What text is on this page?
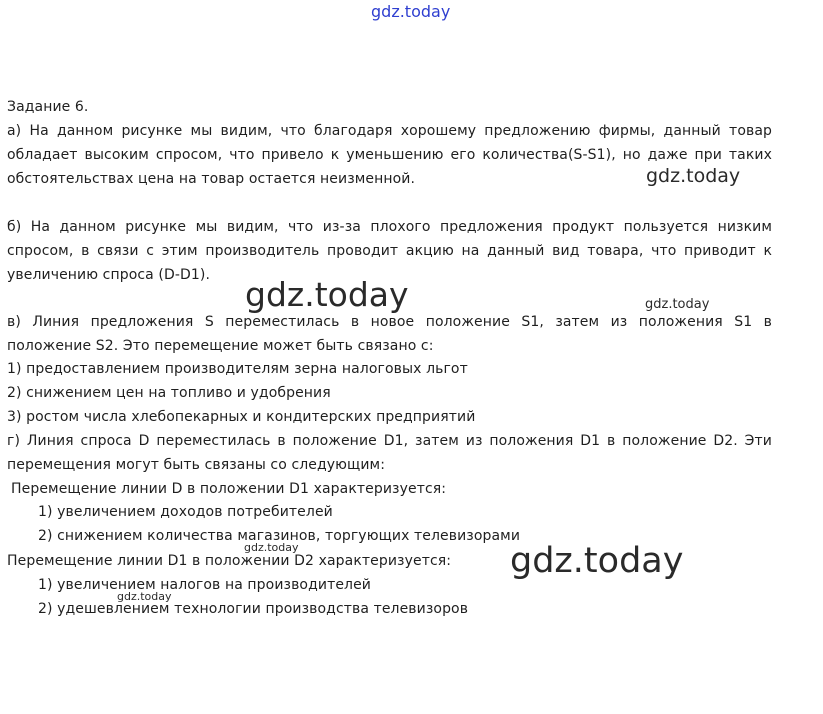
gdz.today
Задание 6.
а) На данном рисунке мы видим, что благодаря хорошему предложению фирмы, данный товар
обладает высоким спросом, что привело к уменьшению его количества(S-S1), но даже при таких
обстоятельствах цена на товар остается неизменной.
б) На данном рисунке мы видим, что из-за плохого предложения продукт пользуется низким
спросом, в связи с этим производитель проводит акцию на данный вид товара, что приводит к
увеличению спроса (D-D1).
в) Линия предложения S переместилась в новое положение S1, затем из положения S1 в
положение S2. Это перемещение может быть связано с:
1) предоставлением производителям зерна налоговых льгот
2) снижением цен на топливо и удобрения
3) ростом числа хлебопекарных и кондитерских предприятий
г) Линия спроса D переместилась в положение D1, затем из положения D1 в положение D2. Эти
перемещения могут быть связаны со следующим:
Перемещение линии D в положении D1 характеризуется:
1) увеличением доходов потребителей
2) снижением количества магазинов, торгующих телевизорами
Перемещение линии D1 в положении D2 характеризуется:
1) увеличением налогов на производителей
2) удешевлением технологии производства телевизоров
gdz.today
gdz.today	gdz.today
gdz.today
gdz.today
gdz.today
